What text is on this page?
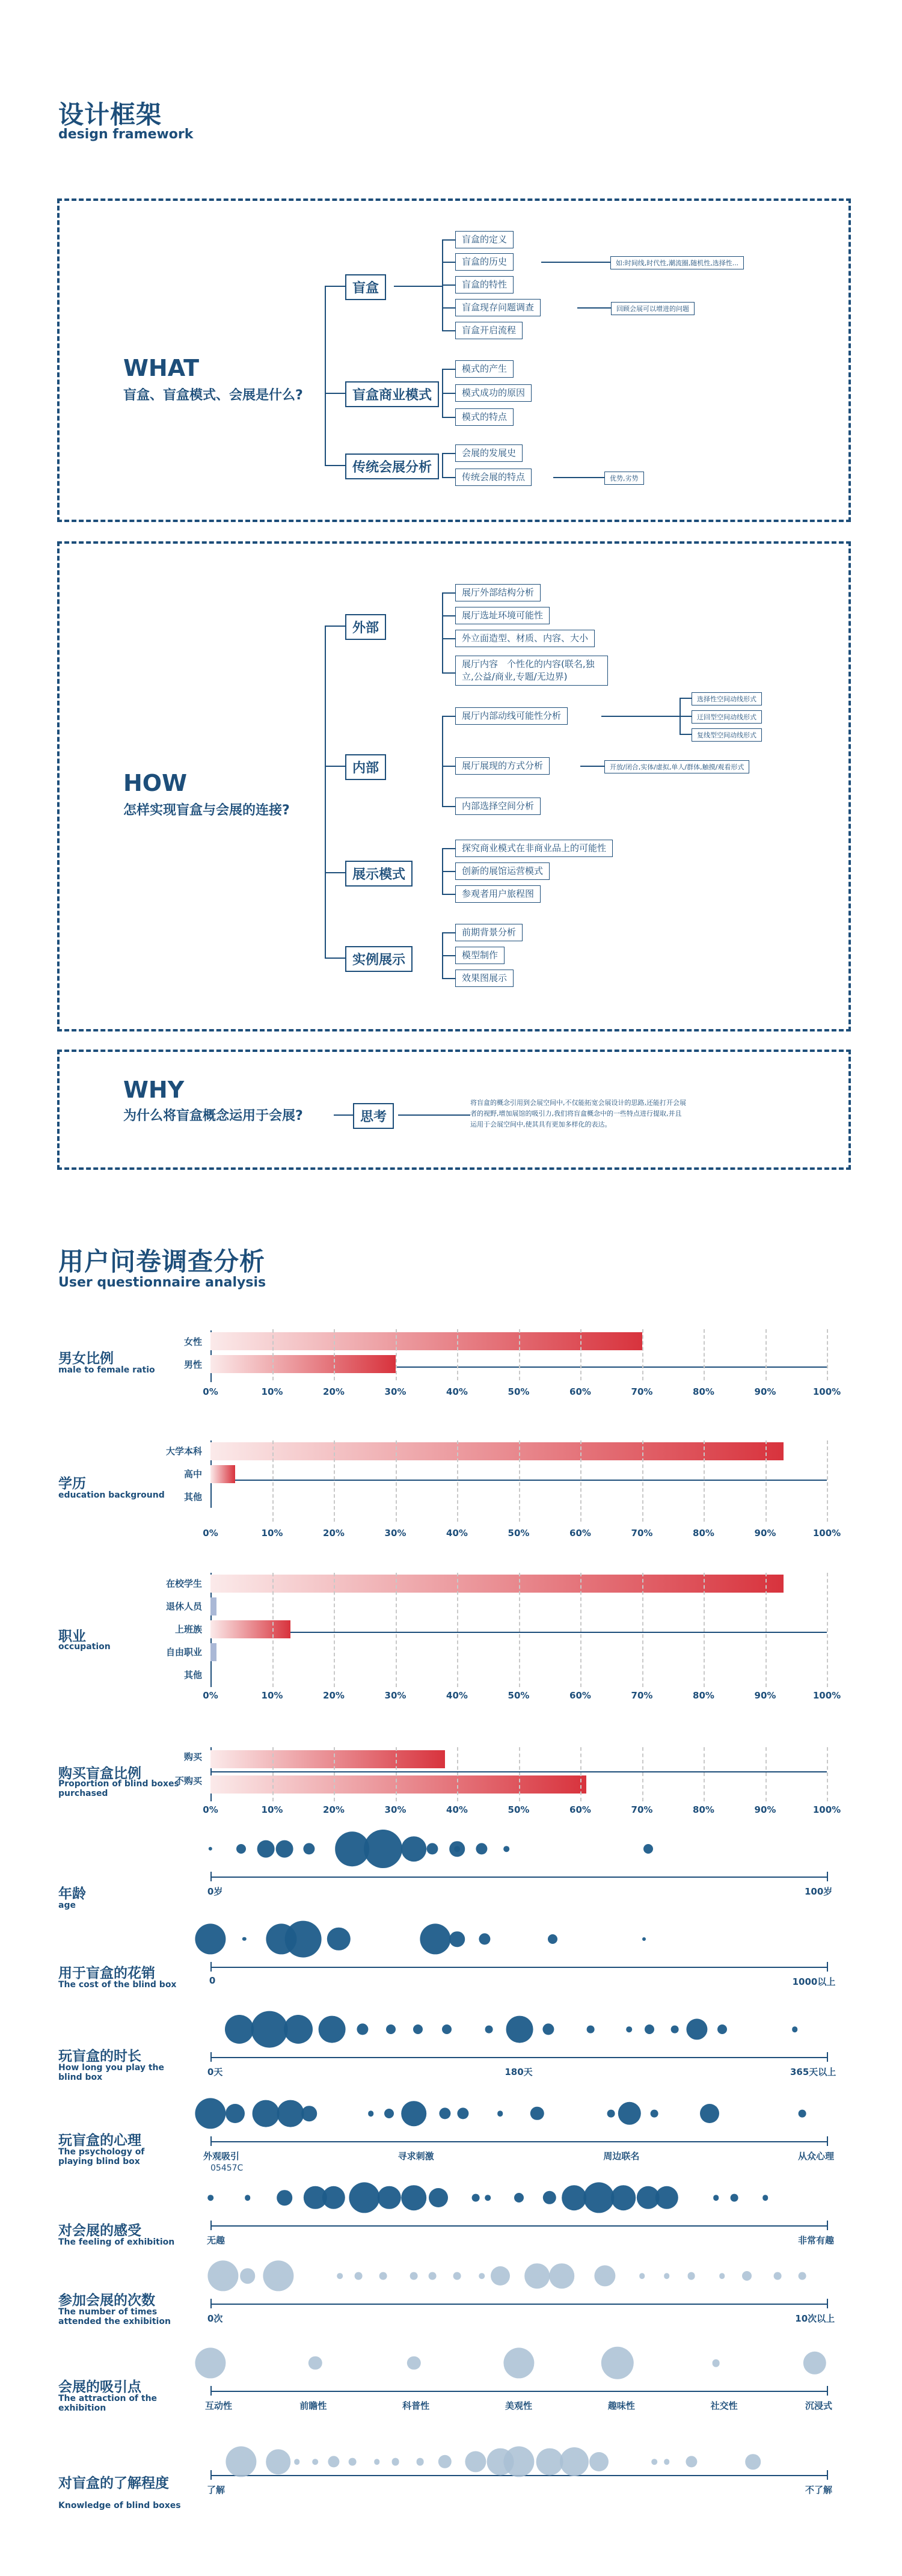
设计框架
design framework
WHAT
盲盒、盲盒模式、会展是什么?
盲盒
盲盒商业模式
传统会展分析
盲盒的定义
盲盒的历史
盲盒的特性
盲盒现存问题调查
盲盒开启流程
如:时间线,时代性,潮流圈,随机性,选择性...
回顾会展可以增进的问题
模式的产生
模式成功的原因
模式的特点
会展的发展史
传统会展的特点	优势,劣势
HOW
怎样实现盲盒与会展的连接?
外部
内部
展示模式
实例展示
展厅外部结构分析
展厅选址环境可能性
外立面造型、材质、内容、大小
展厅内容　个性化的内容(联名,独立,公益/商业,专题/无边界)
展厅内部动线可能性分析
展厅展现的方式分析
内部选择空间分析
选择性空间动线形式
迂回型空间动线形式
复线型空间动线形式
开放/闭合,实体/虚拟,单人/群体,触摸/观看形式
探究商业模式在非商业品上的可能性
创新的展馆运营模式
参观者用户旅程图
前期背景分析
模型制作
效果图展示
WHY
为什么将盲盒概念运用于会展?	思考
将盲盒的概念引用到会展空间中,不仅能拓宽会展设计的思路,还能打开会展者的视野,增加展馆的吸引力,我们将盲盒概念中的一些特点进行提取,并且运用于会展空间中,使其具有更加多样化的表达。
用户问卷调查分析
User questionnaire analysis
男女比例
male to female ratio
女性
男性
0%	10%	20%	30%	40%	50%	60%	70%	80%	90%	100%
学历
education background
大学本科
高中
其他
0%	10%	20%	30%	40%	50%	60%	70%	80%	90%	100%
职业
occupation
在校学生
退休人员
上班族
自由职业
其他
0%	10%	20%	30%	40%	50%	60%	70%	80%	90%	100%
购买盲盒比例
Proportion of blind boxes purchased
购买
不购买
0%	10%	20%	30%	40%	50%	60%	70%	80%	90%	100%
年龄
age
0岁	100岁
用于盲盒的花销
The cost of the blind box	0	1000以上
玩盲盒的时长
How long you play the blind box	0天	180天	365天以上
玩盲盒的心理
The psychology of playing blind box	外观吸引	寻求刺激	周边联名	从众心理
对会展的感受
The feeling of exhibition	无趣	非常有趣
参加会展的次数
The number of times attended the exhibition	0次	10次以上
会展的吸引点
The attraction of the exhibition	互动性	前瞻性	科普性	美观性	趣味性	社交性	沉浸式
对盲盒的了解程度
Knowledge of blind boxes
了解	不了解
05457C
